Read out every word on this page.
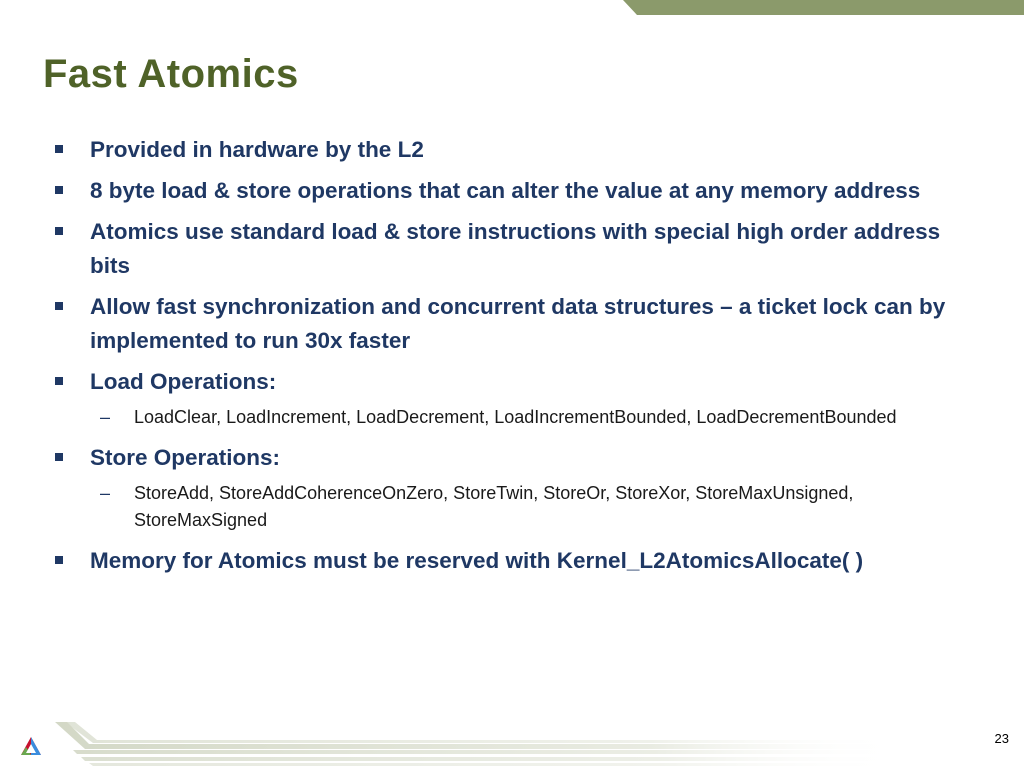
Fast Atomics
Provided in hardware by the L2
8 byte load & store operations that can alter the value at any memory address
Atomics use standard load & store instructions with special high order address bits
Allow fast synchronization and concurrent data structures – a ticket lock can by implemented to run 30x faster
Load Operations:
–	LoadClear, LoadIncrement, LoadDecrement, LoadIncrementBounded, LoadDecrementBounded
Store Operations:
–	StoreAdd, StoreAddCoherenceOnZero, StoreTwin, StoreOr, StoreXor, StoreMaxUnsigned, StoreMaxSigned
Memory for Atomics must be reserved with Kernel_L2AtomicsAllocate( )
23
